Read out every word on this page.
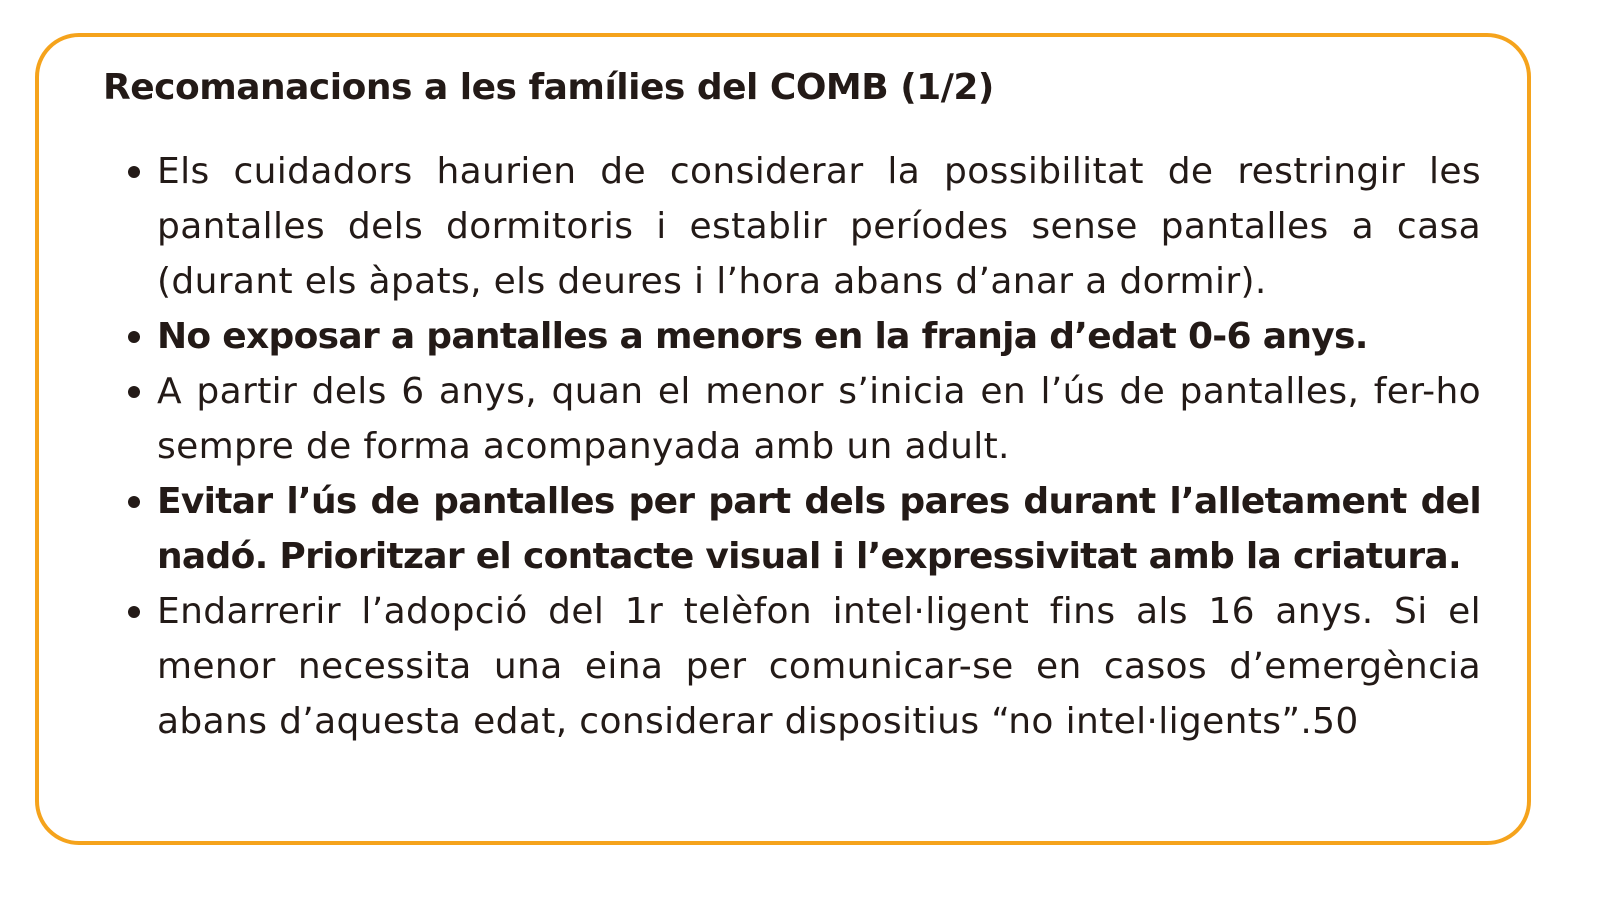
Recomanacions a les famílies del COMB (1/2)
Els cuidadors haurien de considerar la possibilitat de restringir les pantalles dels dormitoris i establir períodes sense pantalles a casa (durant els àpats, els deures i l’hora abans d’anar a dormir).
No exposar a pantalles a menors en la franja d’edat 0-6 anys.
A partir dels 6 anys, quan el menor s’inicia en l’ús de pantalles, fer-ho sempre de forma acompanyada amb un adult.
Evitar l’ús de pantalles per part dels pares durant l’alletament del nadó. Prioritzar el contacte visual i l’expressivitat amb la criatura.
Endarrerir l’adopció del 1r telèfon intel·ligent fins als 16 anys. Si el menor necessita una eina per comunicar-se en casos d’emergència abans d’aquesta edat, considerar dispositius “no intel·ligents”.50
